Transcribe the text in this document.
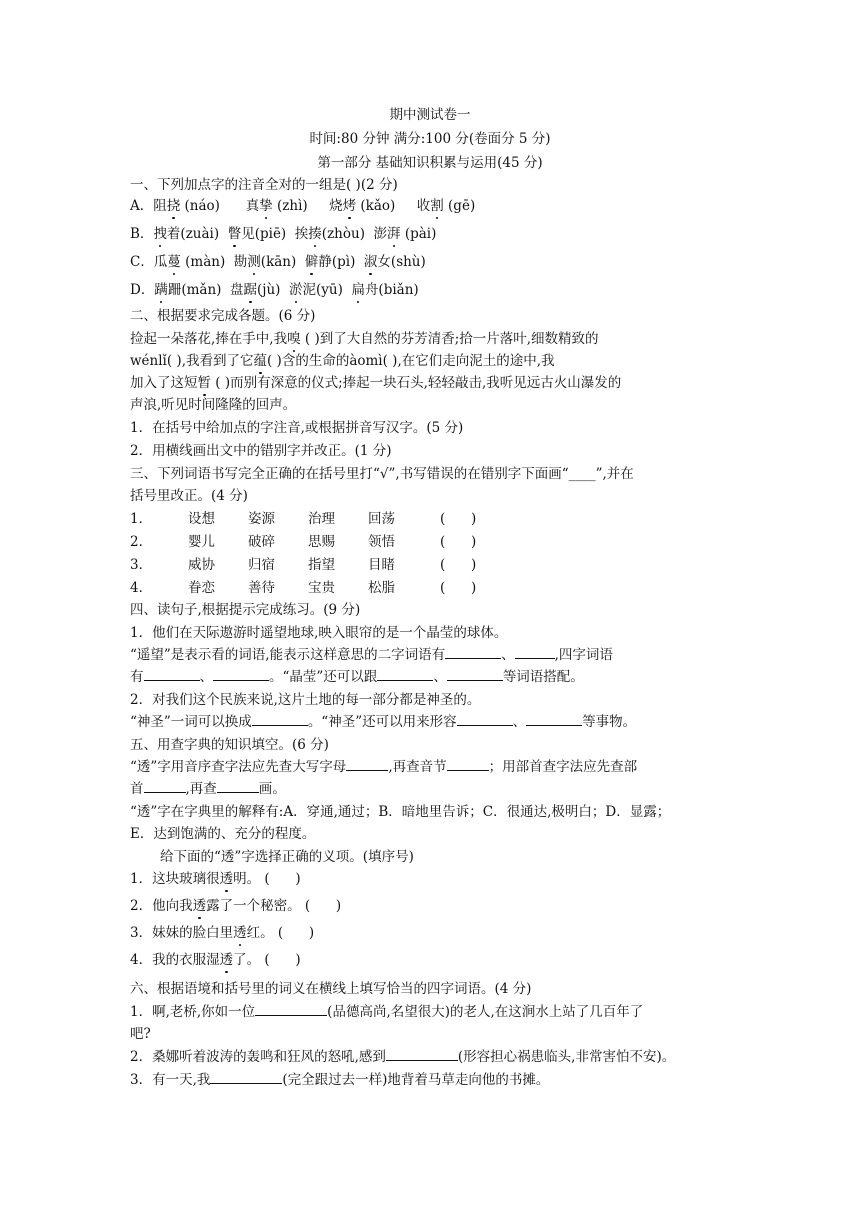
期中测试卷一
时间:80 分钟 满分:100 分(卷面分 5 分)
第一部分 基础知识积累与运用(45 分)
一、下列加点字的注音全对的一组是( )(2 分)
A．阻挠 (náo)      真挚 (zhì)     烧烤 (kǎo)     收割 (gē)
B．拽着(zuài)  瞥见(piē)  挨揍(zhòu)  澎湃 (pài)
C．瓜蔓 (màn)  勘测(kān)  僻静(pì)  淑女(shù)
D．蹒跚(mǎn)  盘踞(jù)  淤泥(yū)  扁舟(biǎn)
二、根据要求完成各题。(6 分)
捡起一朵落花,捧在手中,我嗅 ( )到了大自然的芬芳清香;拾一片落叶,细数精致的
wénlǐ( ),我看到了它蕴( )含的生命的àomì( ),在它们走向泥土的途中,我
加入了这短暂 ( )而别有深意的仪式;捧起一块石头,轻轻敲击,我听见远古火山瀑发的
声浪,听见时间隆隆的回声。
1．在括号中给加点的字注音,或根据拼音写汉字。(5 分)
2．用横线画出文中的错别字并改正。(1 分)
三、下列词语书写完全正确的在括号里打“√”,书写错误的在错别字下面画“____”,并在
括号里改正。(4 分)
1．	设想 姿源 治理 回荡	(      )
2．	婴儿 破碎 思赐 领悟	(      )
3．	威协 归宿 指望 目睹	(      )
4．	眷恋 善待 宝贵 松脂	(      )
四、读句子,根据提示完成练习。(9 分)
1．他们在天际遨游时遥望地球,映入眼帘的是一个晶莹的球体。
“遥望”是表示看的词语,能表示这样意思的二字词语有	、	,四字词语
有	、	。“晶莹”还可以跟	、	等词语搭配。
2．对我们这个民族来说,这片土地的每一部分都是神圣的。
“神圣”一词可以换成	。“神圣”还可以用来形容	、	等事物。
五、用查字典的知识填空。(6 分)
“透”字用音序查字法应先查大写字母	,再查音节	；用部首查字法应先查部
首	,再查	画。
“透”字在字典里的解释有:A．穿通,通过；B．暗地里告诉；C．很通达,极明白；D．显露；
E．达到饱满的、充分的程度。
给下面的“透”字选择正确的义项。(填序号)
1．这块玻璃很透明。 (      )
2．他向我透露了一个秘密。 (      )
3．妹妹的脸白里透红。 (      )
4．我的衣服湿透了。 (      )
六、根据语境和括号里的词义在横线上填写恰当的四字词语。(4 分)
1．啊,老桥,你如一位	(品德高尚,名望很大)的老人,在这涧水上站了几百年了
吧?
2．桑娜听着波涛的轰鸣和狂风的怒吼,感到	(形容担心祸患临头,非常害怕不安)。
3．有一天,我	(完全跟过去一样)地背着马草走向他的书摊。
